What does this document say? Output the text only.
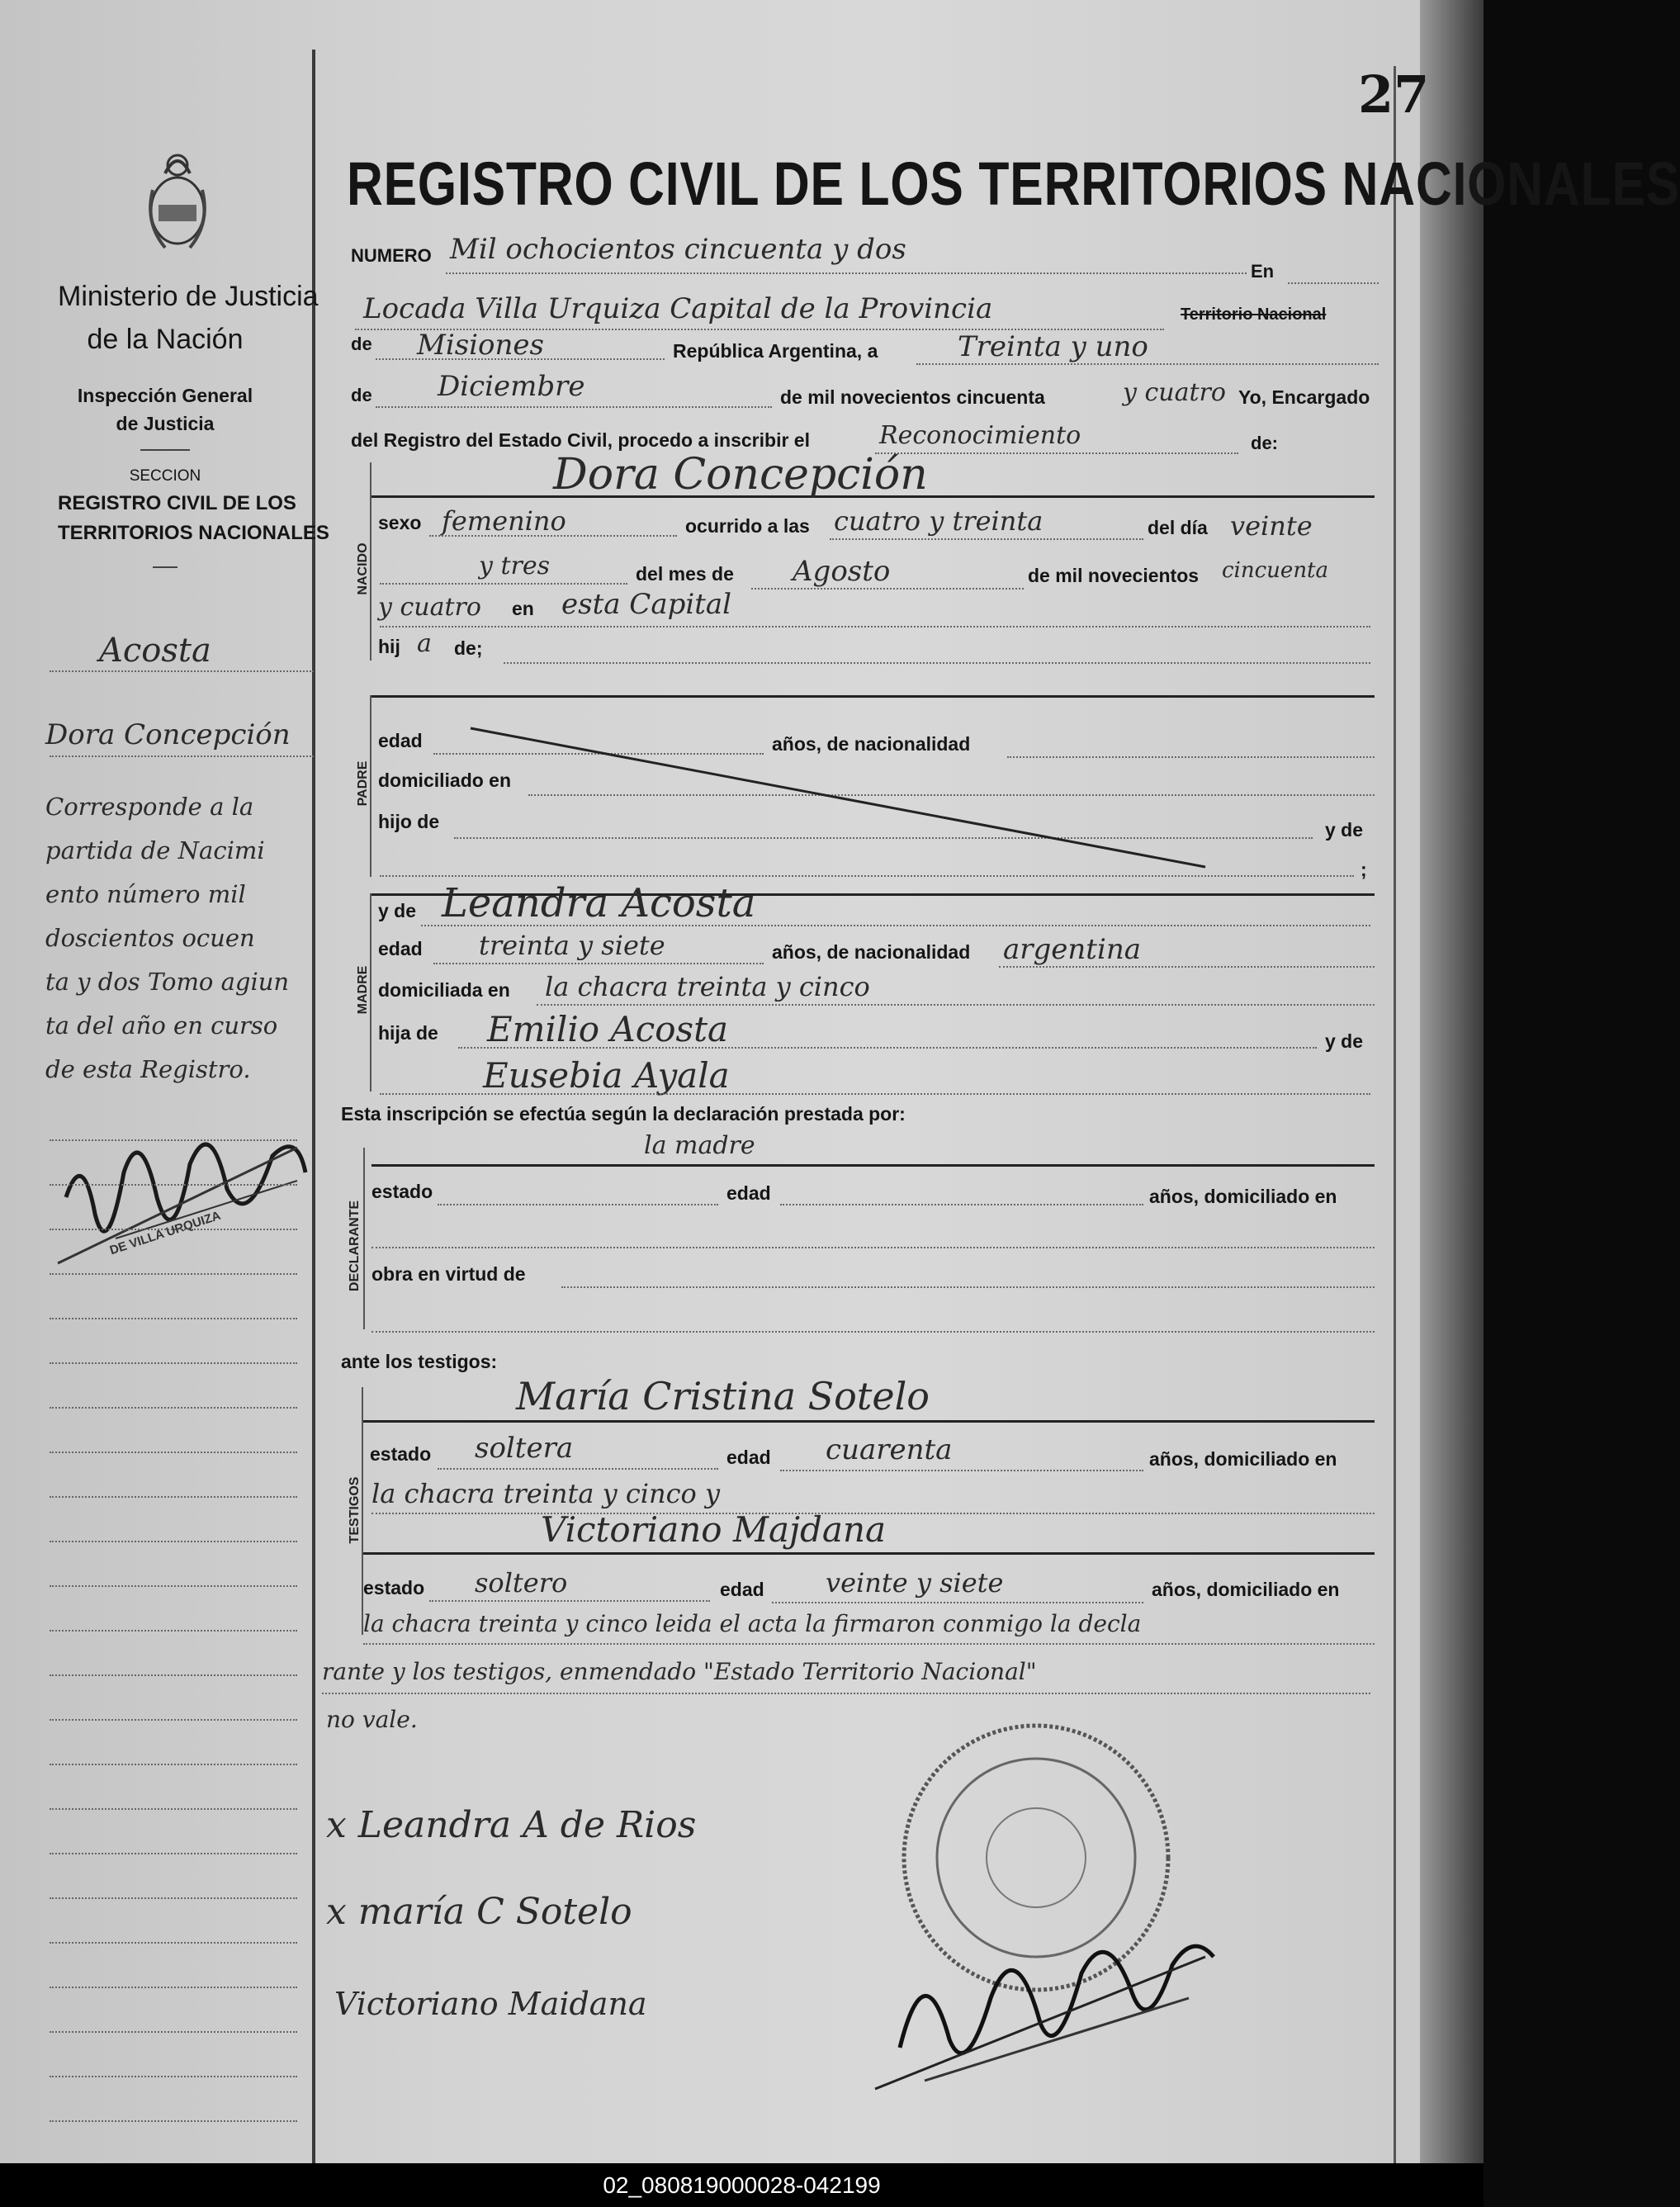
27
Ministerio de Justicia
de la Nación
Inspección General
de Justicia
SECCION
REGISTRO CIVIL DE LOS
TERRITORIOS NACIONALES
Acosta
Dora Concepción
Corresponde a la
partida de Nacimi
ento número mil
doscientos ocuen
ta y dos Tomo agiun
ta del año en curso
de esta Registro.
DE VILLA URQUIZA
REGISTRO CIVIL DE LOS TERRITORIOS NACIONALES
NUMERO Mil ochocientos cincuenta y dos
En
Locada Villa Urquiza Capital de la Provincia	Territorio Nacional
de Misiones	República Argentina, a	Treinta y uno
de Diciembre	de mil novecientos cincuenta	y cuatro Yo, Encargado
del Registro del Estado Civil, procedo a inscribir el	Reconocimiento	de:
Dora Concepción
NACIDO
sexo femenino	ocurrido a las cuatro y treinta	del día veinte
y tres	del mes de Agosto	de mil novecientos cincuenta
y cuatro en esta Capital
hij a de;
PADRE
edad	años, de nacionalidad
domiciliado en
hijo de	y de
;
MADRE
y de Leandra Acosta
edad treinta y siete	años, de nacionalidad argentina
domiciliada en la chacra treinta y cinco
hija de Emilio Acosta	y de
Eusebia Ayala
Esta inscripción se efectúa según la declaración prestada por:
la madre
DECLARANTE
estado	edad	años, domiciliado en
obra en virtud de
ante los testigos:
María Cristina Sotelo
TESTIGOS
estado soltera	edad cuarenta	años, domiciliado en
la chacra treinta y cinco y
Victoriano Majdana
estado soltero	edad veinte y siete	años, domiciliado en
la chacra treinta y cinco leida el acta la firmaron conmigo la decla
rante y los testigos, enmendado "Estado Territorio Nacional"
no vale.
x Leandra A de Rios
x maría C Sotelo
Victoriano Maidana
02_080819000028-042199
